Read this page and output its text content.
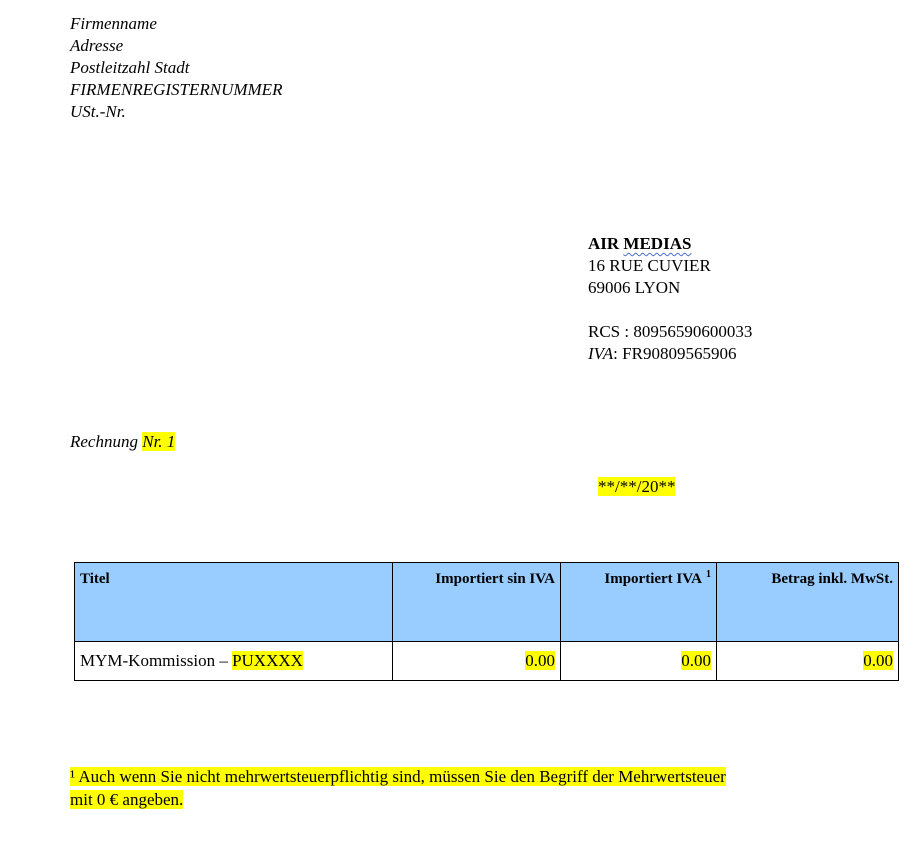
Firmenname
Adresse
Postleitzahl Stadt
FIRMENREGISTERNUMMER
USt.-Nr.
AIR MEDIAS
16 RUE CUVIER
69006 LYON
RCS : 80956590600033
IVA: FR90809565906
Rechnung Nr. 1
**/**/20**
Titel	Importiert sin IVA	Importiert IVA $^1$	Betrag inkl. MwSt.
MYM-Kommission – PUXXXX	0.00	0.00	0.00
¹ Auch wenn Sie nicht mehrwertsteuerpflichtig sind, müssen Sie den Begriff der Mehrwertsteuer
mit 0 € angeben.
